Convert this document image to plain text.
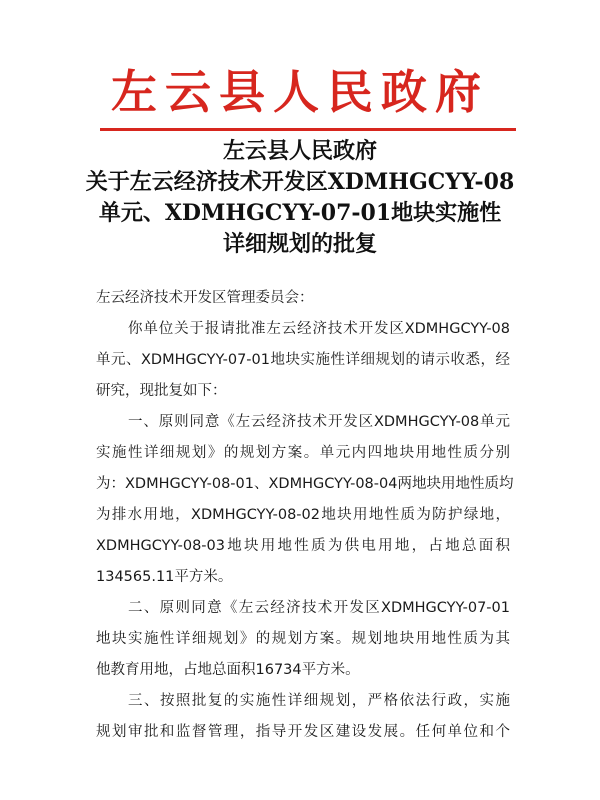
左云县人民政府
左云县人民政府
关于左云经济技术开发区XDMHGCYY-08
单元、XDMHGCYY-07-01地块实施性
详细规划的批复
左云经济技术开发区管理委员会：
你单位关于报请批准左云经济技术开发区XDMHGCYY-08
单元、XDMHGCYY-07-01地块实施性详细规划的请示收悉，经
研究，现批复如下：
一、原则同意《左云经济技术开发区XDMHGCYY-08单元
实施性详细规划》的规划方案。单元内四地块用地性质分别
为：XDMHGCYY-08-01、XDMHGCYY-08-04两地块用地性质均
为排水用地，XDMHGCYY-08-02地块用地性质为防护绿地，
XDMHGCYY-08-03地块用地性质为供电用地，占地总面积
134565.11平方米。
二、原则同意《左云经济技术开发区XDMHGCYY-07-01
地块实施性详细规划》的规划方案。规划地块用地性质为其
他教育用地，占地总面积16734平方米。
三、按照批复的实施性详细规划，严格依法行政，实施
规划审批和监督管理，指导开发区建设发展。任何单位和个
